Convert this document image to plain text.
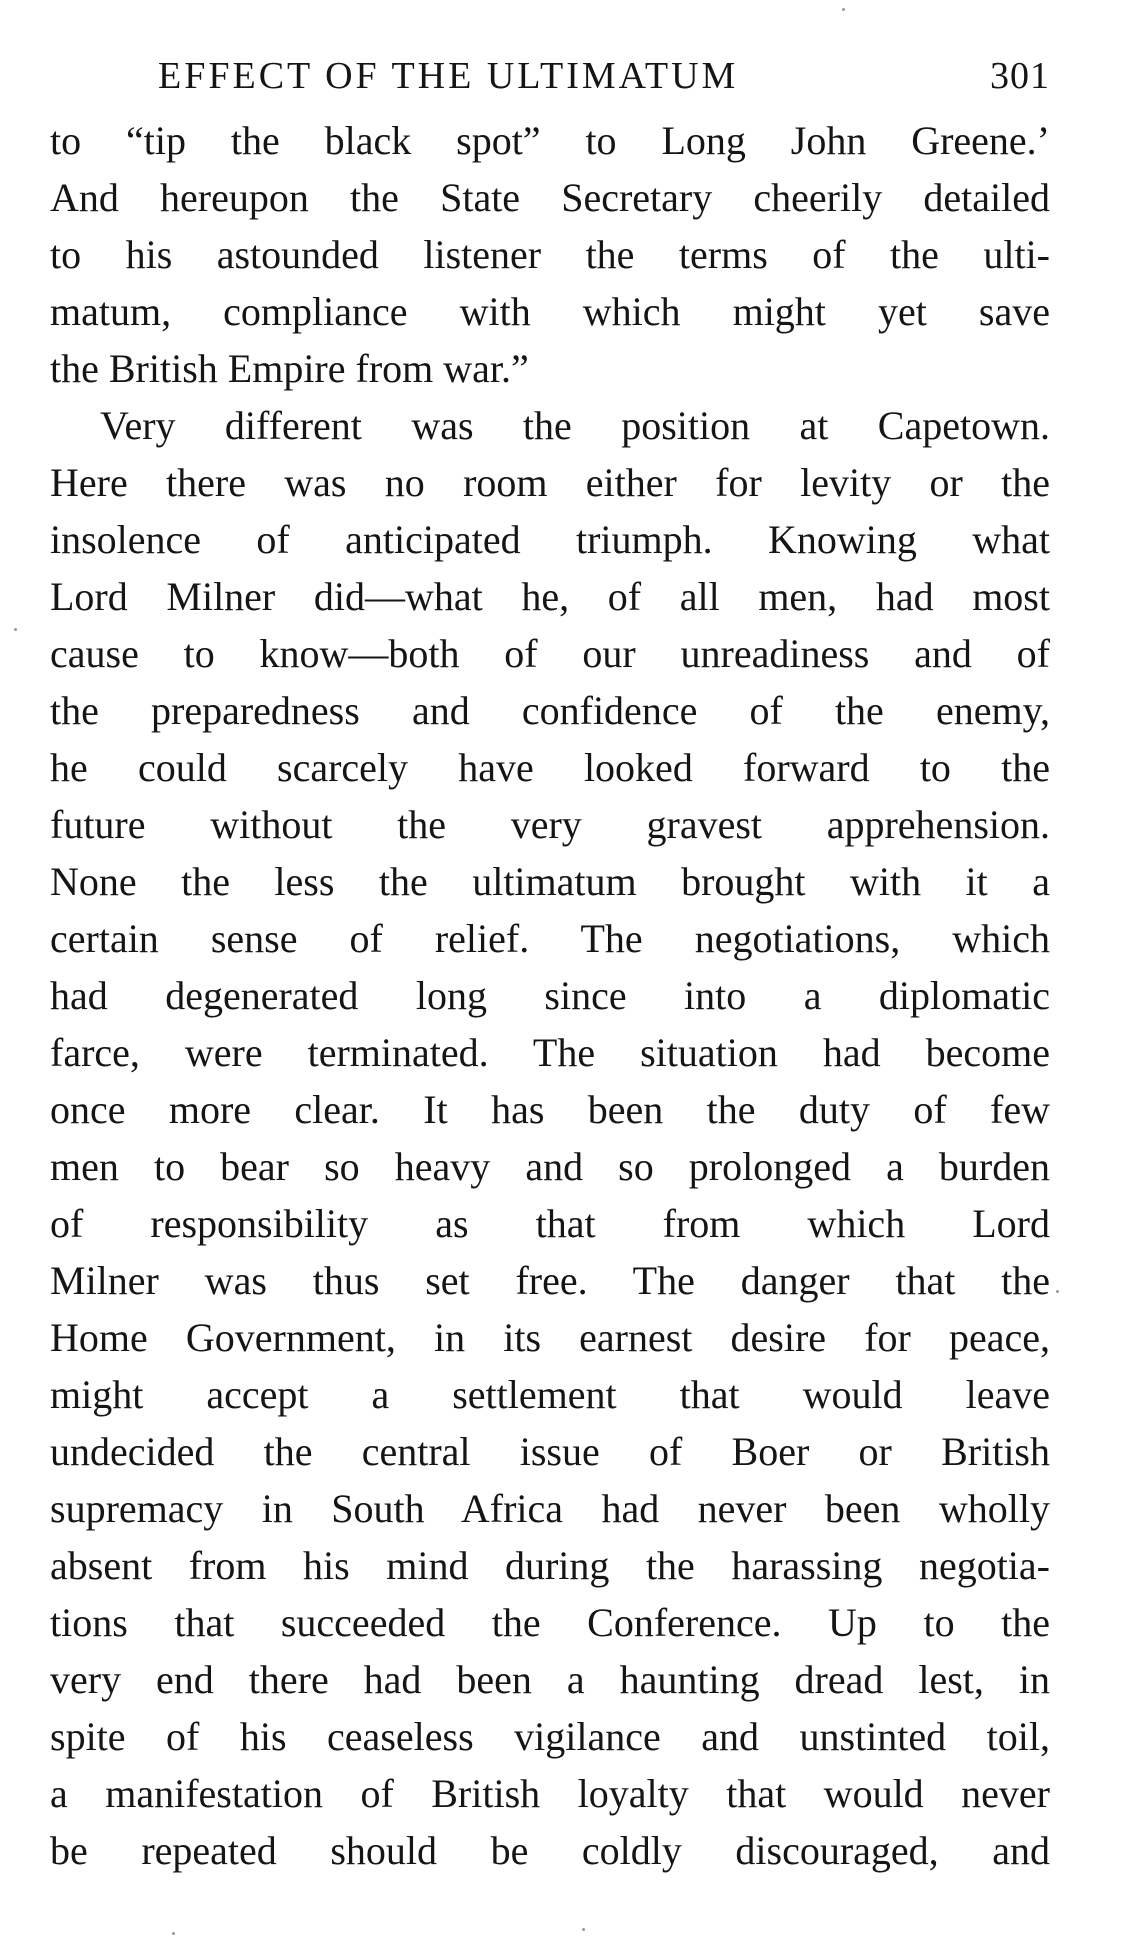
EFFECT OF THE ULTIMATUM	301
to “tip the black spot” to Long John Greene.’
And hereupon the State Secretary cheerily detailed
to his astounded listener the terms of the ulti-
matum, compliance with which might yet save
the British Empire from war.”
Very different was the position at Capetown.
Here there was no room either for levity or the
insolence of anticipated triumph. Knowing what
Lord Milner did—what he, of all men, had most
cause to know—both of our unreadiness and of
the preparedness and confidence of the enemy,
he could scarcely have looked forward to the
future without the very gravest apprehension.
None the less the ultimatum brought with it a
certain sense of relief. The negotiations, which
had degenerated long since into a diplomatic
farce, were terminated. The situation had become
once more clear. It has been the duty of few
men to bear so heavy and so prolonged a burden
of responsibility as that from which Lord
Milner was thus set free. The danger that the
Home Government, in its earnest desire for peace,
might accept a settlement that would leave
undecided the central issue of Boer or British
supremacy in South Africa had never been wholly
absent from his mind during the harassing negotia-
tions that succeeded the Conference. Up to the
very end there had been a haunting dread lest, in
spite of his ceaseless vigilance and unstinted toil,
a manifestation of British loyalty that would never
be repeated should be coldly discouraged, and
